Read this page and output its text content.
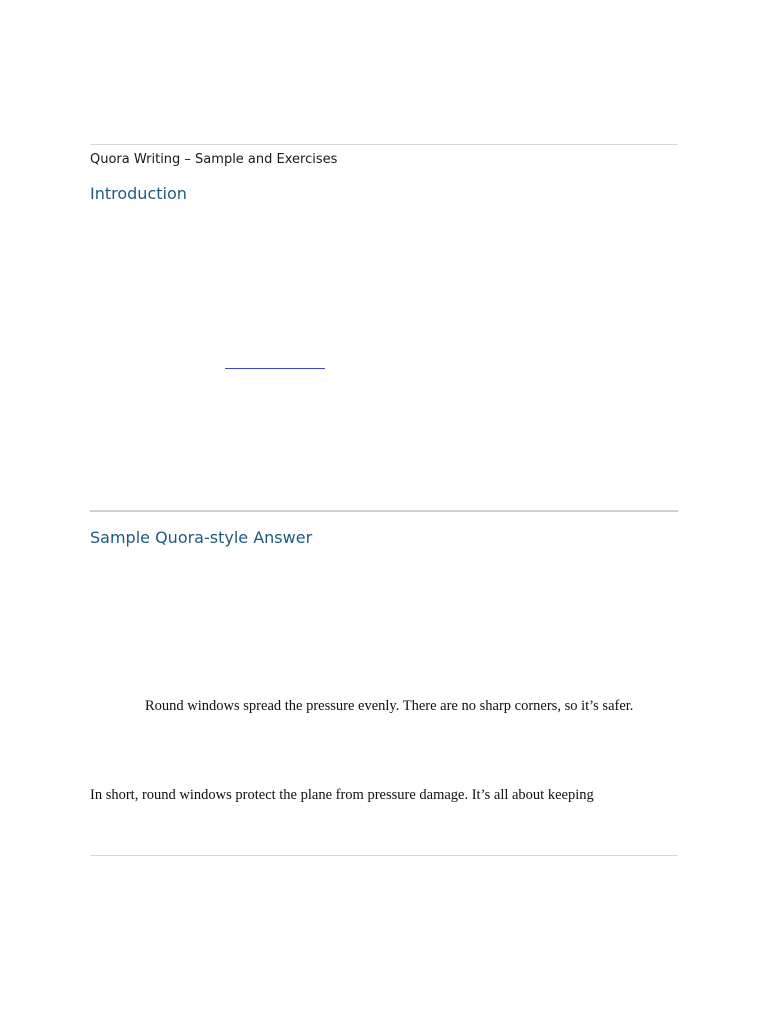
Quora Writing – Sample and Exercises
Introduction
Sample Quora-style Answer
Round windows spread the pressure evenly. There are no sharp corners, so it’s safer.
In short, round windows protect the plane from pressure damage. It’s all about keeping
